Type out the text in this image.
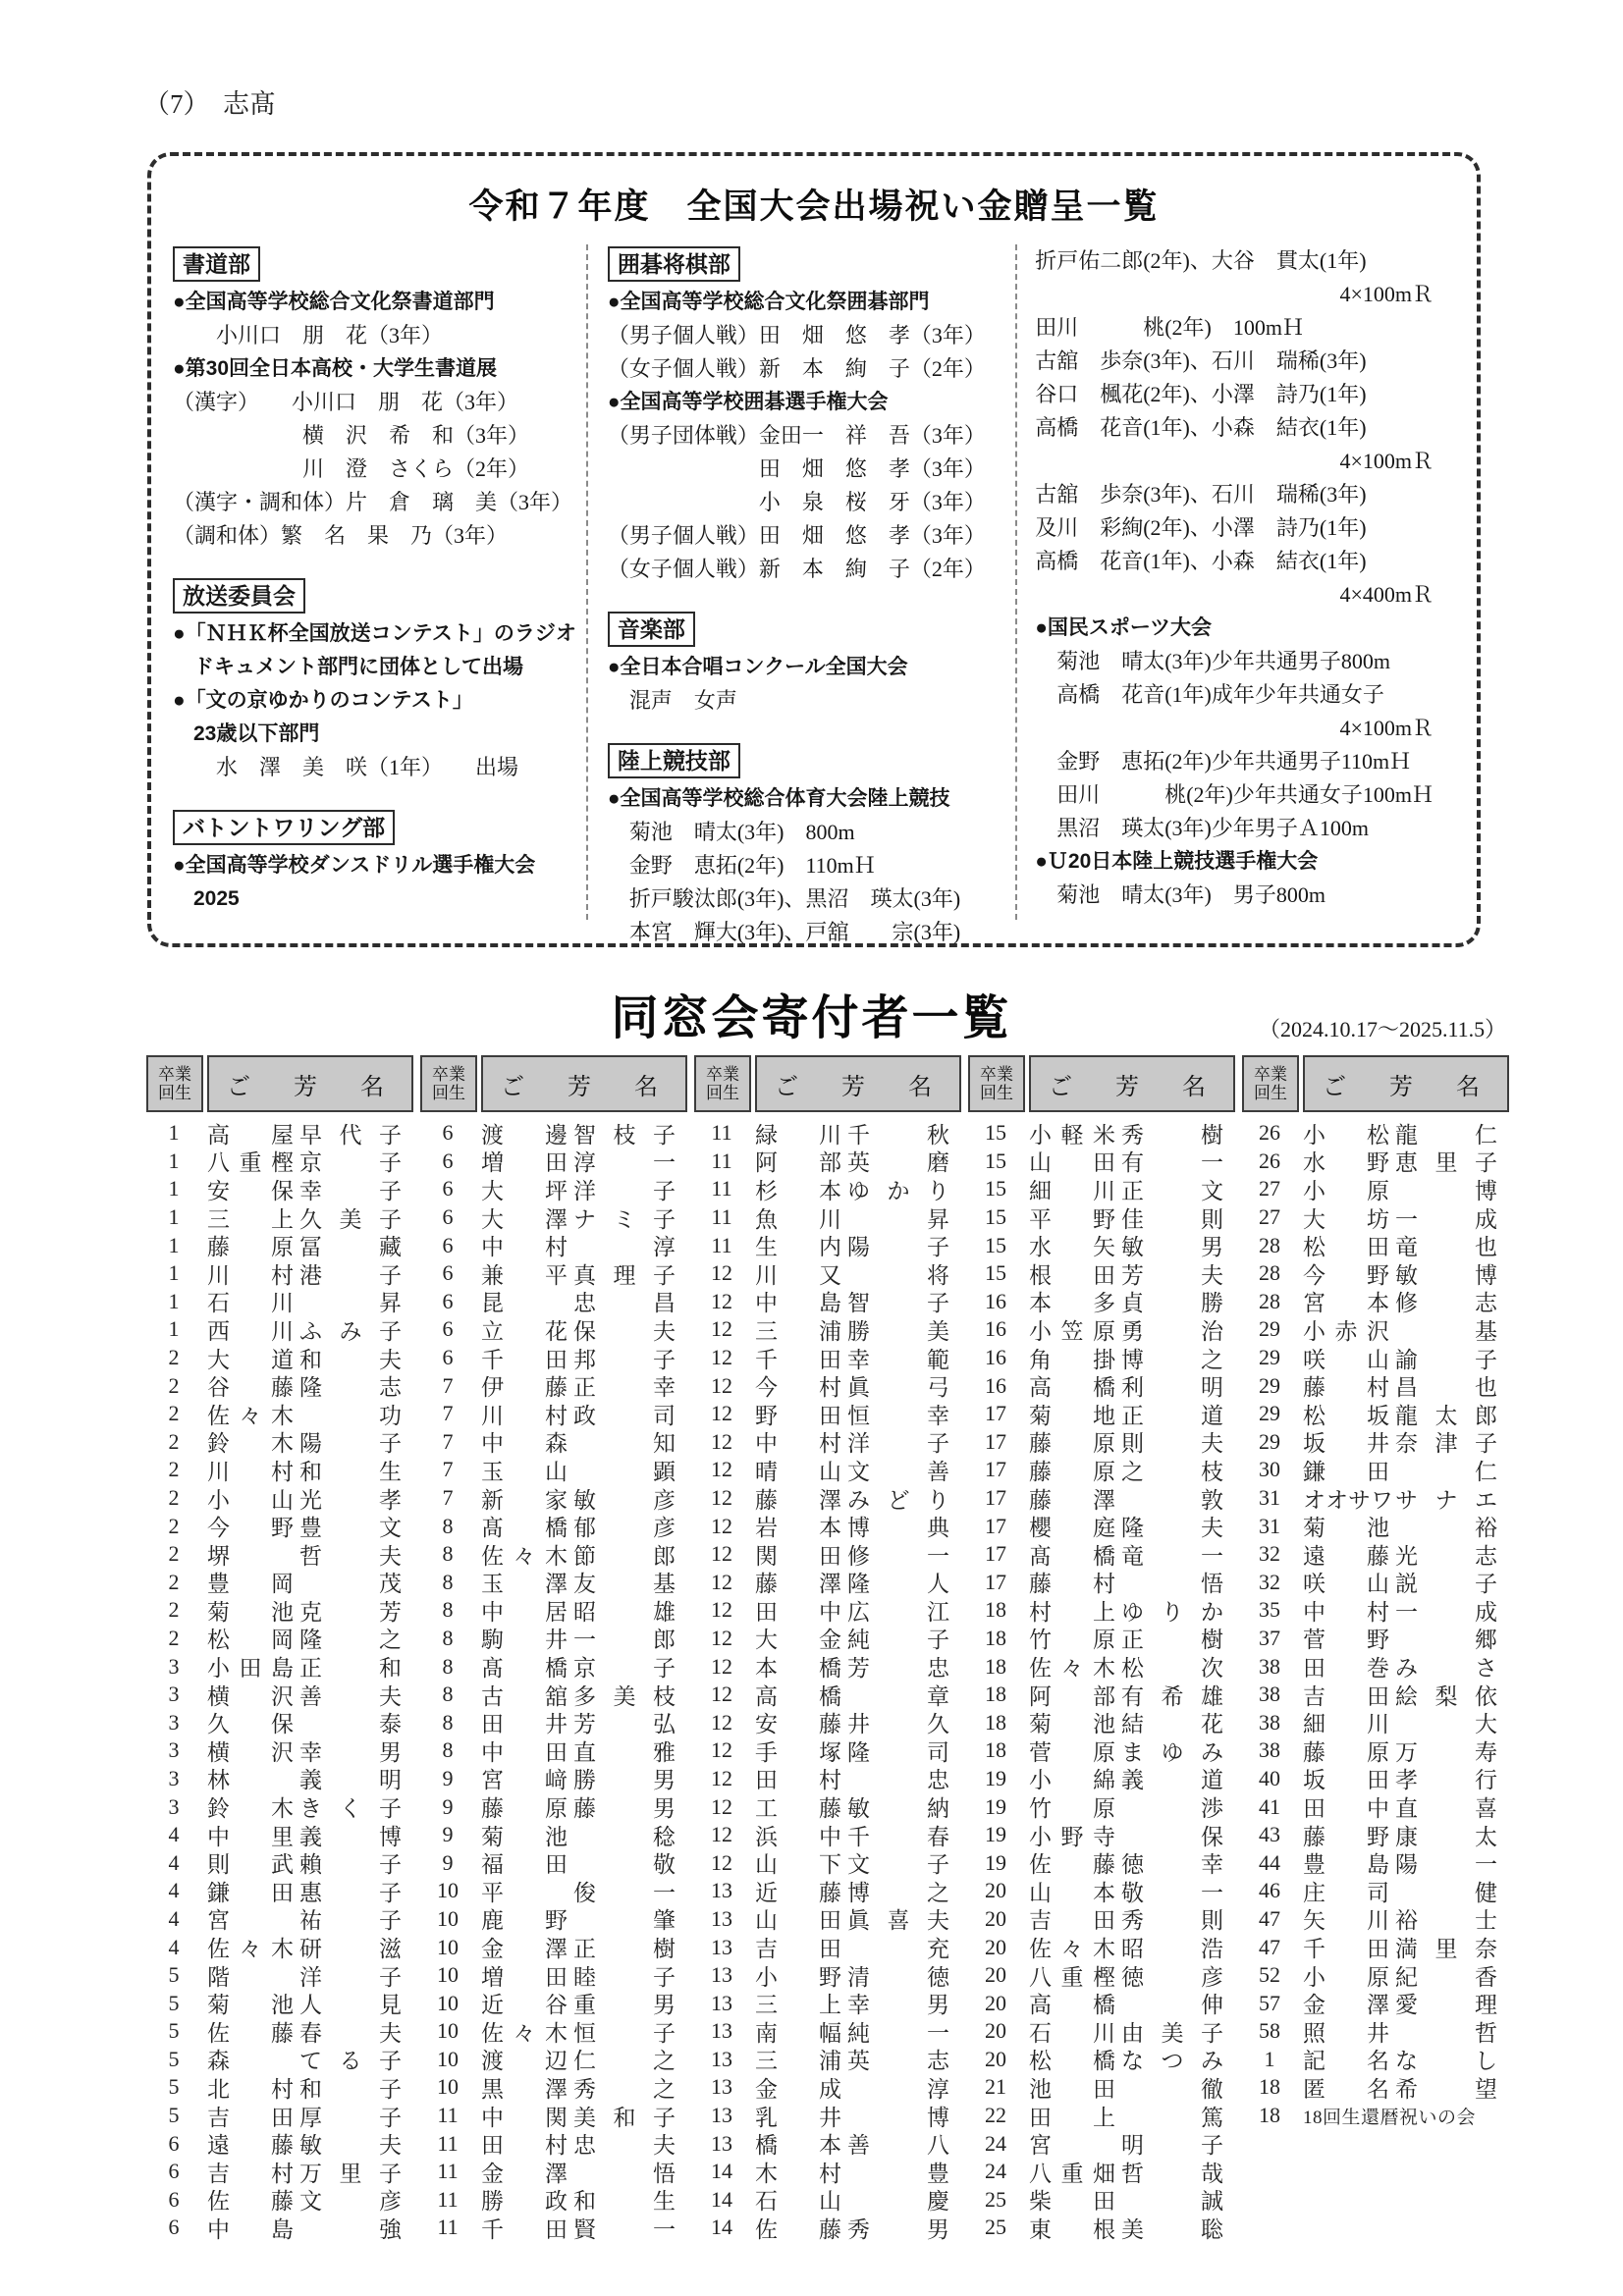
（7）　志髙
令和７年度　全国大会出場祝い金贈呈一覧
書道部
●全国高等学校総合文化祭書道部門
　　小川口　朋　花（3年）
●第30回全日本高校・大学生書道展
（漢字）　　小川口　朋　花（3年）
　　　　　　横　沢　希　和（3年）
　　　　　　川　澄　さくら（2年）
（漢字・調和体）片　倉　璃　美（3年）
（調和体）繁　名　果　乃（3年）
放送委員会
●「ＮＨＫ杯全国放送コンテスト」のラジオ
　ドキュメント部門に団体として出場
●「文の京ゆかりのコンテスト」
　23歳以下部門
　　水　澤　美　咲（1年）　　出場
バトントワリング部
●全国高等学校ダンスドリル選手権大会
　2025
囲碁将棋部
●全国高等学校総合文化祭囲碁部門
（男子個人戦）田　畑　悠　孝（3年）
（女子個人戦）新　本　絢　子（2年）
●全国高等学校囲碁選手権大会
（男子団体戦）金田一　祥　吾（3年）
　　　　　　　田　畑　悠　孝（3年）
　　　　　　　小　泉　桜　牙（3年）
（男子個人戦）田　畑　悠　孝（3年）
（女子個人戦）新　本　絢　子（2年）
音楽部
●全日本合唱コンクール全国大会
　混声　女声
陸上競技部
●全国高等学校総合体育大会陸上競技
　菊池　晴太(3年)　800m
　金野　恵拓(2年)　110mＨ
　折戸駿汰郎(3年)、黒沼　瑛太(3年)
　本宮　輝大(3年)、戸舘　　宗(3年)
折戸佑二郎(2年)、大谷　貫太(1年)
4×100mＲ
田川　　　桃(2年)　100mＨ
古舘　歩奈(3年)、石川　瑞稀(3年)
谷口　楓花(2年)、小澤　詩乃(1年)
高橋　花音(1年)、小森　結衣(1年)
4×100mＲ
古舘　歩奈(3年)、石川　瑞稀(3年)
及川　彩絢(2年)、小澤　詩乃(1年)
高橋　花音(1年)、小森　結衣(1年)
4×400mＲ
●国民スポーツ大会
　菊池　晴太(3年)少年共通男子800m
　高橋　花音(1年)成年少年共通女子
4×100mＲ
　金野　恵拓(2年)少年共通男子110mＨ
　田川　　　桃(2年)少年共通女子100mＨ
　黒沼　瑛太(3年)少年男子Ａ100m
●Ｕ20日本陸上競技選手権大会
　菊池　晴太(3年)　男子800m
同窓会寄付者一覧	（2024.10.17～2025.11.5）
卒業
回生	ご　芳　名
1	高 屋 早 代 子
1	八 重 樫 京	子
1	安 保 幸	子
1	三 上 久 美 子
1	藤 原 冨	藏
1	川 村 港	子
1	石 川	昇
1	西 川 ふ み 子
2	大 道 和	夫
2	谷 藤 隆	志
2	佐 々 木	功
2	鈴 木 陽	子
2	川 村 和	生
2	小 山 光	孝
2	今 野 豊	文
2	堺	哲	夫
2	豊 岡	茂
2	菊 池 克	芳
2	松 岡 隆	之
3	小 田 島 正	和
3	横 沢 善	夫
3	久 保	泰
3	横 沢 幸	男
3	林	義	明
3	鈴 木 き く 子
4	中 里 義	博
4	則 武 賴	子
4	鎌 田 惠	子
4	宮	祐	子
4	佐 々 木 研	滋
5	階	洋	子
5	菊 池 人	見
5	佐 藤 春	夫
5	森	て る 子
5	北 村 和	子
5	吉 田 厚	子
6	遠 藤 敏	夫
6	吉 村 万 里 子
6	佐 藤 文	彦
6	中 島	強
卒業
回生	ご　芳　名
6	渡 邊 智 枝 子
6	増 田 淳	一
6	大 坪 洋	子
6	大 澤 ナ ミ 子
6	中 村	淳
6	兼 平 真 理 子
6	昆	忠	昌
6	立 花 保	夫
6	千 田 邦	子
7	伊 藤 正	幸
7	川 村 政	司
7	中 森	知
7	玉 山	顕
7	新 家 敏	彦
8	髙 橋 郁	彦
8	佐 々 木 節	郎
8	玉 澤 友	基
8	中 居 昭	雄
8	駒 井 一	郎
8	髙 橋 京	子
8	古 舘 多 美 枝
8	田 井 芳	弘
8	中 田 直	雅
9	宮 﨑 勝	男
9	藤 原 藤	男
9	菊 池	稔
9	福 田	敬
10	平	俊	一
10	鹿 野	肇
10	金 澤 正	樹
10	増 田 睦	子
10	近 谷 重	男
10	佐 々 木 恒	子
10	渡 辺 仁	之
10	黒 澤 秀	之
11	中 関 美 和 子
11	田 村 忠	夫
11	金 澤	悟
11	勝 政 和	生
11	千 田 賢	一
卒業
回生	ご　芳　名
11	緑 川 千	秋
11	阿 部 英	磨
11	杉 本 ゆ か り
11	魚 川	昇
11	生 内 陽	子
12	川 又	将
12	中 島 智	子
12	三 浦 勝	美
12	千 田 幸	範
12	今 村 眞	弓
12	野 田 恒	幸
12	中 村 洋	子
12	晴 山 文	善
12	藤 澤 み ど り
12	岩 本 博	典
12	関 田 修	一
12	藤 澤 隆	人
12	田 中 広	江
12	大 金 純	子
12	本 橋 芳	忠
12	高 橋	章
12	安 藤 井	久
12	手 塚 隆	司
12	田 村	忠
12	工 藤 敏	納
12	浜 中 千	春
12	山 下 文	子
13	近 藤 博	之
13	山 田 眞 喜 夫
13	吉 田	充
13	小 野 清	徳
13	三 上 幸	男
13	南 幅 純	一
13	三 浦 英	志
13	金 成	淳
13	乳 井	博
13	橋 本 善	八
14	木 村	豊
14	石 山	慶
14	佐 藤 秀	男
卒業
回生	ご　芳　名
15	小 軽 米 秀	樹
15	山 田 有	一
15	細 川 正	文
15	平 野 佳	則
15	水 矢 敏	男
15	根 田 芳	夫
16	本 多 貞	勝
16	小 笠 原 勇	治
16	角 掛 博	之
16	高 橋 利	明
17	菊 地 正	道
17	藤 原 則	夫
17	藤 原 之	枝
17	藤 澤	敦
17	櫻 庭 隆	夫
17	髙 橋 竜	一
17	藤 村	悟
18	村 上 ゆ り か
18	竹 原 正	樹
18	佐 々 木 松	次
18	阿 部 有 希 雄
18	菊 池 結	花
18	菅 原 ま ゆ み
19	小 綿 義	道
19	竹 原	渉
19	小 野 寺	保
19	佐 藤 徳	幸
20	山 本 敬	一
20	吉 田 秀	則
20	佐 々 木 昭	浩
20	八 重 樫 徳	彦
20	高 橋	伸
20	石 川 由 美 子
20	松 橋 な つ み
21	池 田	徹
22	田 上	篤
24	宮	明	子
24	八 重 畑 哲	哉
25	柴 田	誠
25	東 根 美	聡
卒業
回生	ご　芳　名
26	小 松 龍	仁
26	水 野 恵 里 子
27	小 原	博
27	大 坊 一	成
28	松 田 竜	也
28	今 野 敏	博
28	宮 本 修	志
29	小 赤 沢	基
29	咲 山 諭	子
29	藤 村 昌	也
29	松 坂 龍 太 郎
29	坂 井 奈 津 子
30	鎌 田	仁
31	オ オ サ ワ サ ナ エ
31	菊 池	裕
32	遠 藤 光	志
32	咲 山 説	子
35	中 村 一	成
37	菅 野	郷
38	田 巻 み	さ
38	吉 田 絵 梨 依
38	細 川	大
38	藤 原 万	寿
40	坂 田 孝	行
41	田 中 直	喜
43	藤 野 康	太
44	豊 島 陽	一
46	庄 司	健
47	矢 川 裕	士
47	千 田 満 里 奈
52	小 原 紀	香
57	金 澤 愛	理
58	照 井	哲
1	記 名 な	し
18	匿 名 希	望
18	18回生還暦祝いの会
